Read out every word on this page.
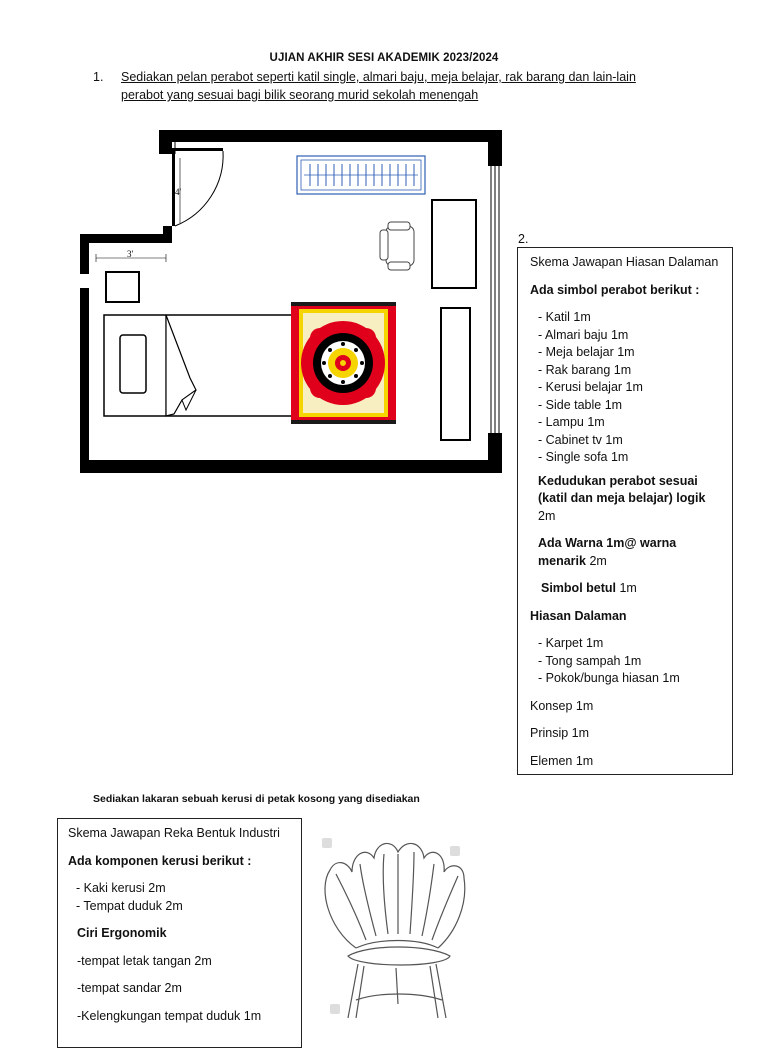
UJIAN AKHIR SESI AKADEMIK 2023/2024
1. Sediakan pelan perabot seperti katil single, almari baju, meja belajar, rak barang dan lain-lain
perabot yang sesuai bagi bilik seorang murid sekolah menengah
4'
3'
2.

Skema Jawapan Hiasan Dalaman

Ada simbol perabot berikut :

- Katil 1m
- Almari baju 1m
- Meja belajar 1m
- Rak barang 1m
- Kerusi belajar 1m
- Side table 1m
- Lampu 1m
- Cabinet tv 1m
- Single sofa 1m

Kedudukan perabot sesuai (katil dan meja belajar) logik
2m

Ada Warna 1m@ warna menarik 2m

Simbol betul 1m

Hiasan Dalaman

- Karpet 1m
- Tong sampah 1m
- Pokok/bunga hiasan 1m

Konsep 1m

Prinsip 1m

Elemen 1m

Sediakan lakaran sebuah kerusi di petak kosong yang disediakan

Skema Jawapan Reka Bentuk Industri

Ada komponen kerusi berikut :

- Kaki kerusi 2m
- Tempat duduk 2m

Ciri Ergonomik

-tempat letak tangan 2m

-tempat sandar 2m

-Kelengkungan tempat duduk 1m
